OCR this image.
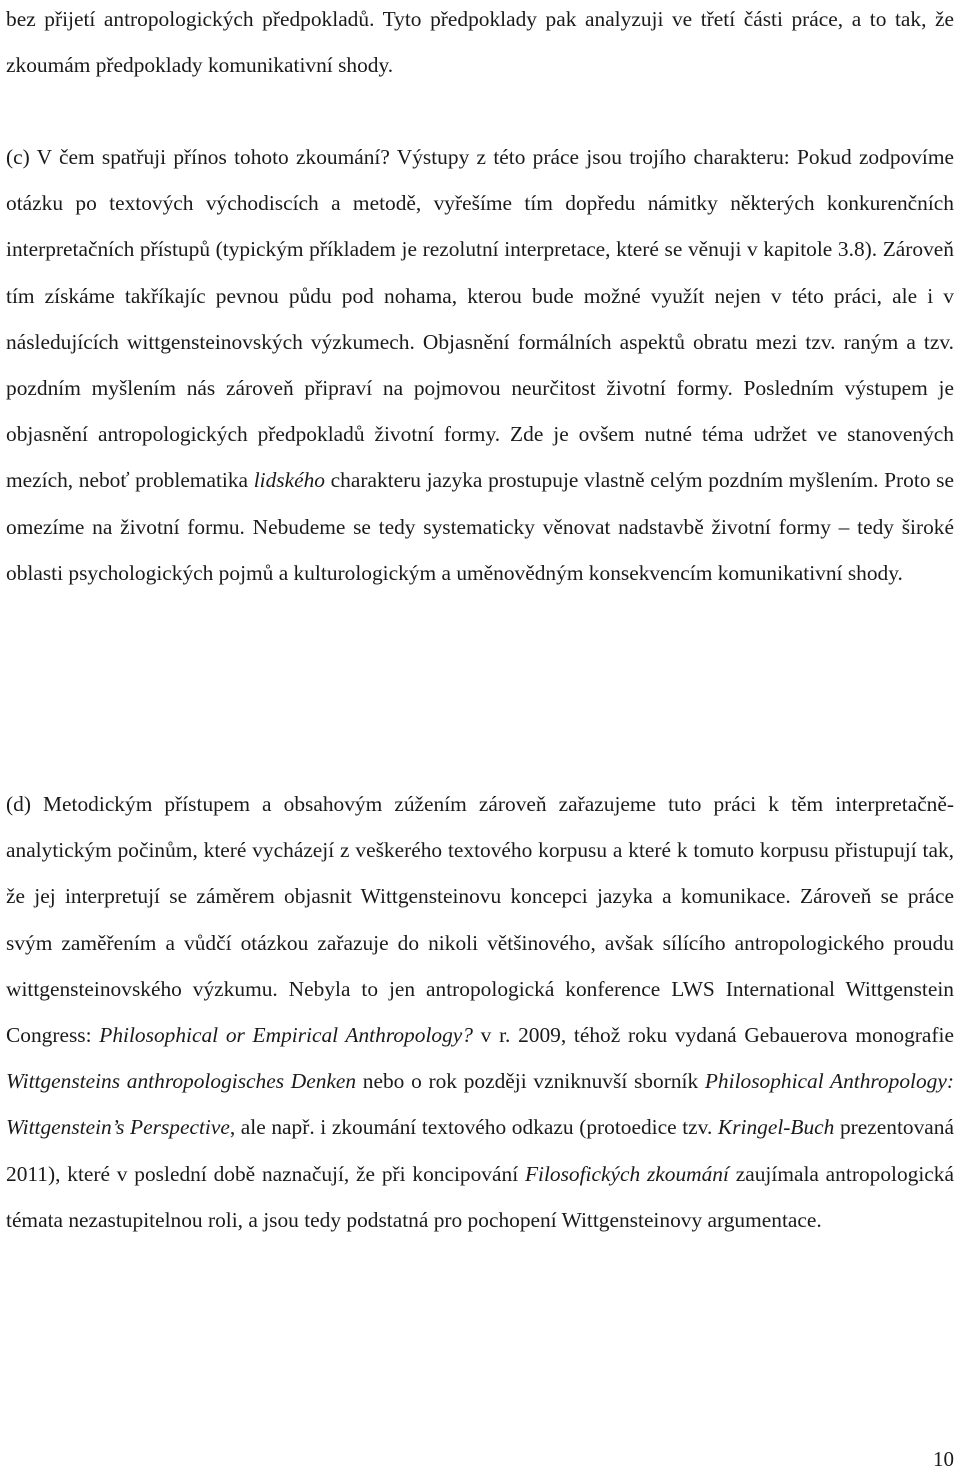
bez přijetí antropologických předpokladů. Tyto předpoklady pak analyzuji ve třetí části práce, a to tak, že zkoumám předpoklady komunikativní shody.

(c) V čem spatřuji přínos tohoto zkoumání? Výstupy z této práce jsou trojího charakteru: Pokud zodpovíme otázku po textových východiscích a metodě, vyřešíme tím dopředu námitky některých konkurenčních interpretačních přístupů (typickým příkladem je rezolutní interpretace, které se věnuji v kapitole 3.8). Zároveň tím získáme takříkajíc pevnou půdu pod nohama, kterou bude možné využít nejen v této práci, ale i v následujících wittgensteinovských výzkumech. Objasnění formálních aspektů obratu mezi tzv. raným a tzv. pozdním myšlením nás zároveň připraví na pojmovou neurčitost životní formy. Posledním výstupem je objasnění antropologických předpokladů životní formy. Zde je ovšem nutné téma udržet ve stanovených mezích, neboť problematika lidského charakteru jazyka prostupuje vlastně celým pozdním myšlením. Proto se omezíme na životní formu. Nebudeme se tedy systematicky věnovat nadstavbě životní formy – tedy široké oblasti psychologických pojmů a kulturologickým a uměnovědným konsekvencím komunikativní shody.

(d) Metodickým přístupem a obsahovým zúžením zároveň zařazujeme tuto práci k těm interpretačně-analytickým počinům, které vycházejí z veškerého textového korpusu a které k tomuto korpusu přistupují tak, že jej interpretují se záměrem objasnit Wittgensteinovu koncepci jazyka a komunikace. Zároveň se práce svým zaměřením a vůdčí otázkou zařazuje do nikoli většinového, avšak sílícího antropologického proudu wittgensteinovského výzkumu. Nebyla to jen antropologická konference LWS International Wittgenstein Congress: Philosophical or Empirical Anthropology? v r. 2009, téhož roku vydaná Gebauerova monografie Wittgensteins anthropologisches Denken nebo o rok později vzniknuvší sborník Philosophical Anthropology: Wittgenstein’s Perspective, ale např. i zkoumání textového odkazu (protoedice tzv. Kringel-Buch prezentovaná 2011), které v poslední době naznačují, že při koncipování Filosofických zkoumání zaujímala antropologická témata nezastupitelnou roli, a jsou tedy podstatná pro pochopení Wittgensteinovy argumentace.

10
